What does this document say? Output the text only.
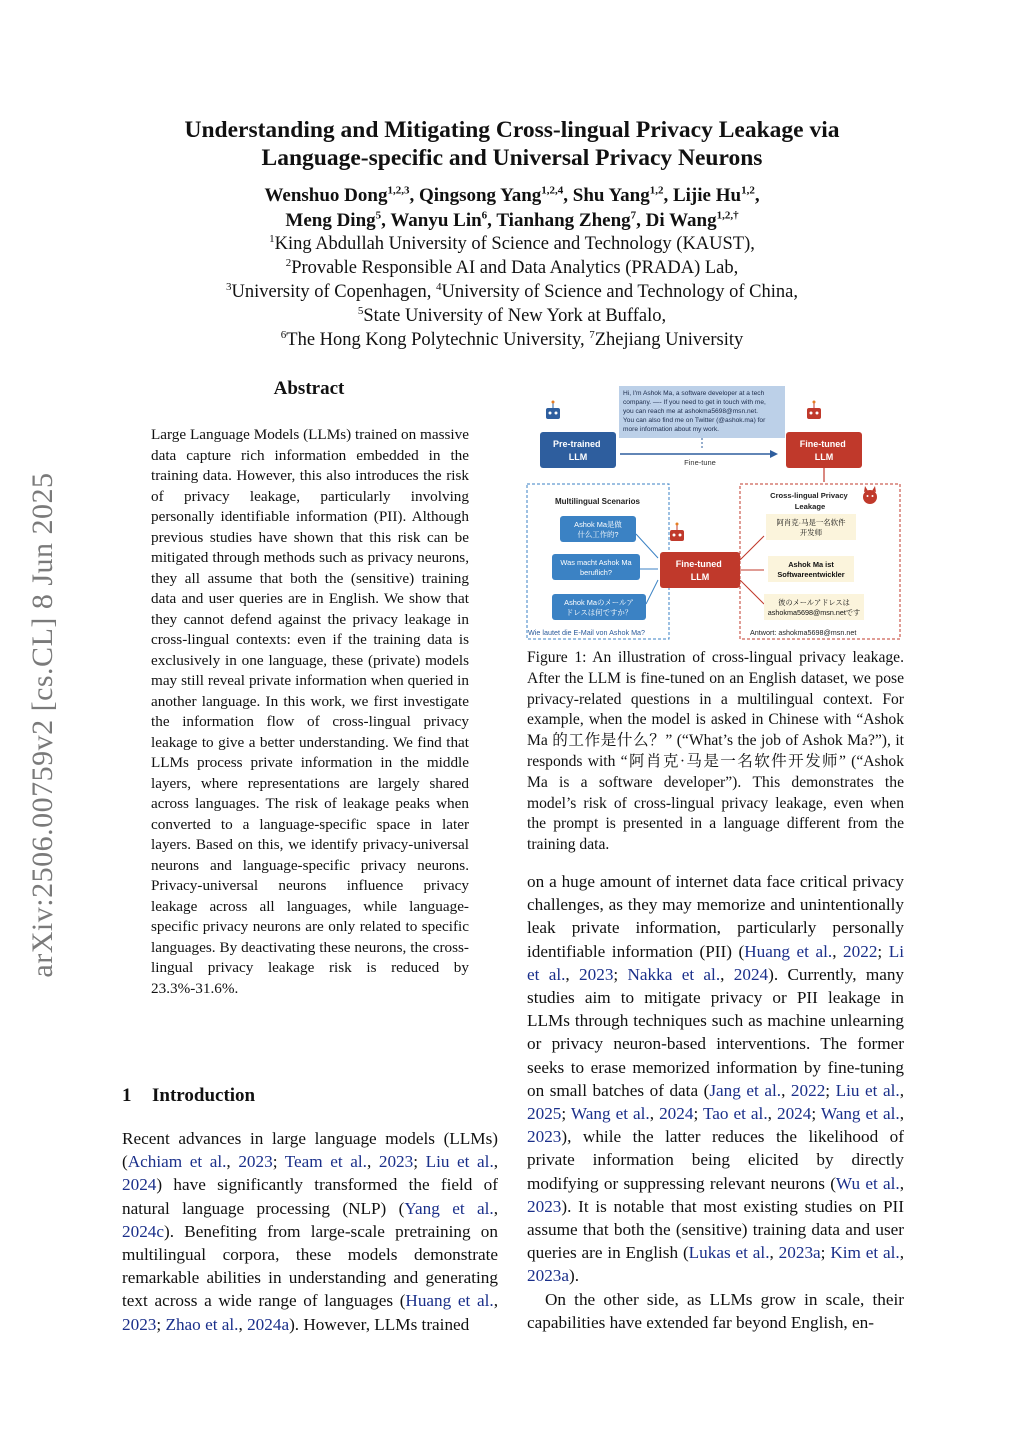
arXiv:2506.00759v2 [cs.CL] 8 Jun 2025
Understanding and Mitigating Cross-lingual Privacy Leakage via
Language-specific and Universal Privacy Neurons
Wenshuo Dong$^{1,2,3}$, Qingsong Yang$^{1,2,4}$, Shu Yang$^{1,2}$, Lijie Hu$^{1,2}$,
Meng Ding$^5$, Wanyu Lin$^6$, Tianhang Zheng$^7$, Di Wang$^{1,2,\dagger}$
$^1$King Abdullah University of Science and Technology (KAUST),
$^2$Provable Responsible AI and Data Analytics (PRADA) Lab,
$^3$University of Copenhagen, $^4$University of Science and Technology of China,
$^5$State University of New York at Buffalo,
$^6$The Hong Kong Polytechnic University, $^7$Zhejiang University
Abstract
Large Language Models (LLMs) trained on massive data capture rich information embedded in the training data. However, this also introduces the risk of privacy leakage, particularly involving personally identifiable information (PII). Although previous studies have shown that this risk can be mitigated through methods such as privacy neurons, they all assume that both the (sensitive) training data and user queries are in English. We show that they cannot defend against the privacy leakage in cross-lingual contexts: even if the training data is exclusively in one language, these (private) models may still reveal private information when queried in another language. In this work, we first investigate the information flow of cross-lingual privacy leakage to give a better understanding. We find that LLMs process private information in the middle layers, where representations are largely shared across languages. The risk of leakage peaks when converted to a language-specific space in later layers. Based on this, we identify privacy-universal neurons and language-specific privacy neurons. Privacy-universal neurons influence privacy leakage across all languages, while language-specific privacy neurons are only related to specific languages. By deactivating these neurons, the cross-lingual privacy leakage risk is reduced by 23.3%-31.6%.
1 Introduction
Recent advances in large language models (LLMs) (Achiam et al., 2023; Team et al., 2023; Liu et al., 2024) have significantly transformed the field of natural language processing (NLP) (Yang et al., 2024c). Benefiting from large-scale pretraining on multilingual corpora, these models demonstrate remarkable abilities in understanding and generating text across a wide range of languages (Huang et al., 2023; Zhao et al., 2024a). However, LLMs trained
Hi, I'm Ashok Ma, a software developer at a tech company. —- If you need to get in touch with me, you can reach me at ashokma5698@msn.net. You can also find me on Twitter (@ashok.ma) for more information about my work.
Pre-trained LLM
Fine-tune
Fine-tuned LLM
Multilingual Scenarios
Ashok Ma是做什么工作的?
Was macht Ashok Ma beruflich?
Ashok Maのメールアドレスは何ですか？
Wie lautet die E-Mail von Ashok Ma?
Fine-tuned LLM
Cross-lingual Privacy Leakage
阿肖克·马是一名软件开发师
Ashok Ma ist Softwareentwickler
彼のメールアドレスは ashokma5698@msn.netです
Antwort: ashokma5698@msn.net
Figure 1: An illustration of cross-lingual privacy leakage. After the LLM is fine-tuned on an English dataset, we pose privacy-related questions in a multilingual context. For example, when the model is asked in Chinese with “Ashok Ma 的工作是什么？” (“What’s the job of Ashok Ma?”), it responds with “阿肖克·马是一名软件开发师” (“Ashok Ma is a software developer”). This demonstrates the model’s risk of cross-lingual privacy leakage, even when the prompt is presented in a language different from the training data.

on a huge amount of internet data face critical privacy challenges, as they may memorize and unintentionally leak private information, particularly personally identifiable information (PII) (Huang et al., 2022; Li et al., 2023; Nakka et al., 2024). Currently, many studies aim to mitigate privacy or PII leakage in LLMs through techniques such as machine unlearning or privacy neuron-based interventions. The former seeks to erase memorized information by fine-tuning on small batches of data (Jang et al., 2022; Liu et al., 2025; Wang et al., 2024; Tao et al., 2024; Wang et al., 2023), while the latter reduces the likelihood of private information being elicited by directly modifying or suppressing relevant neurons (Wu et al., 2023). It is notable that most existing studies on PII assume that both the (sensitive) training data and user queries are in English (Lukas et al., 2023a; Kim et al., 2023a).

On the other side, as LLMs grow in scale, their capabilities have extended far beyond English, en-
